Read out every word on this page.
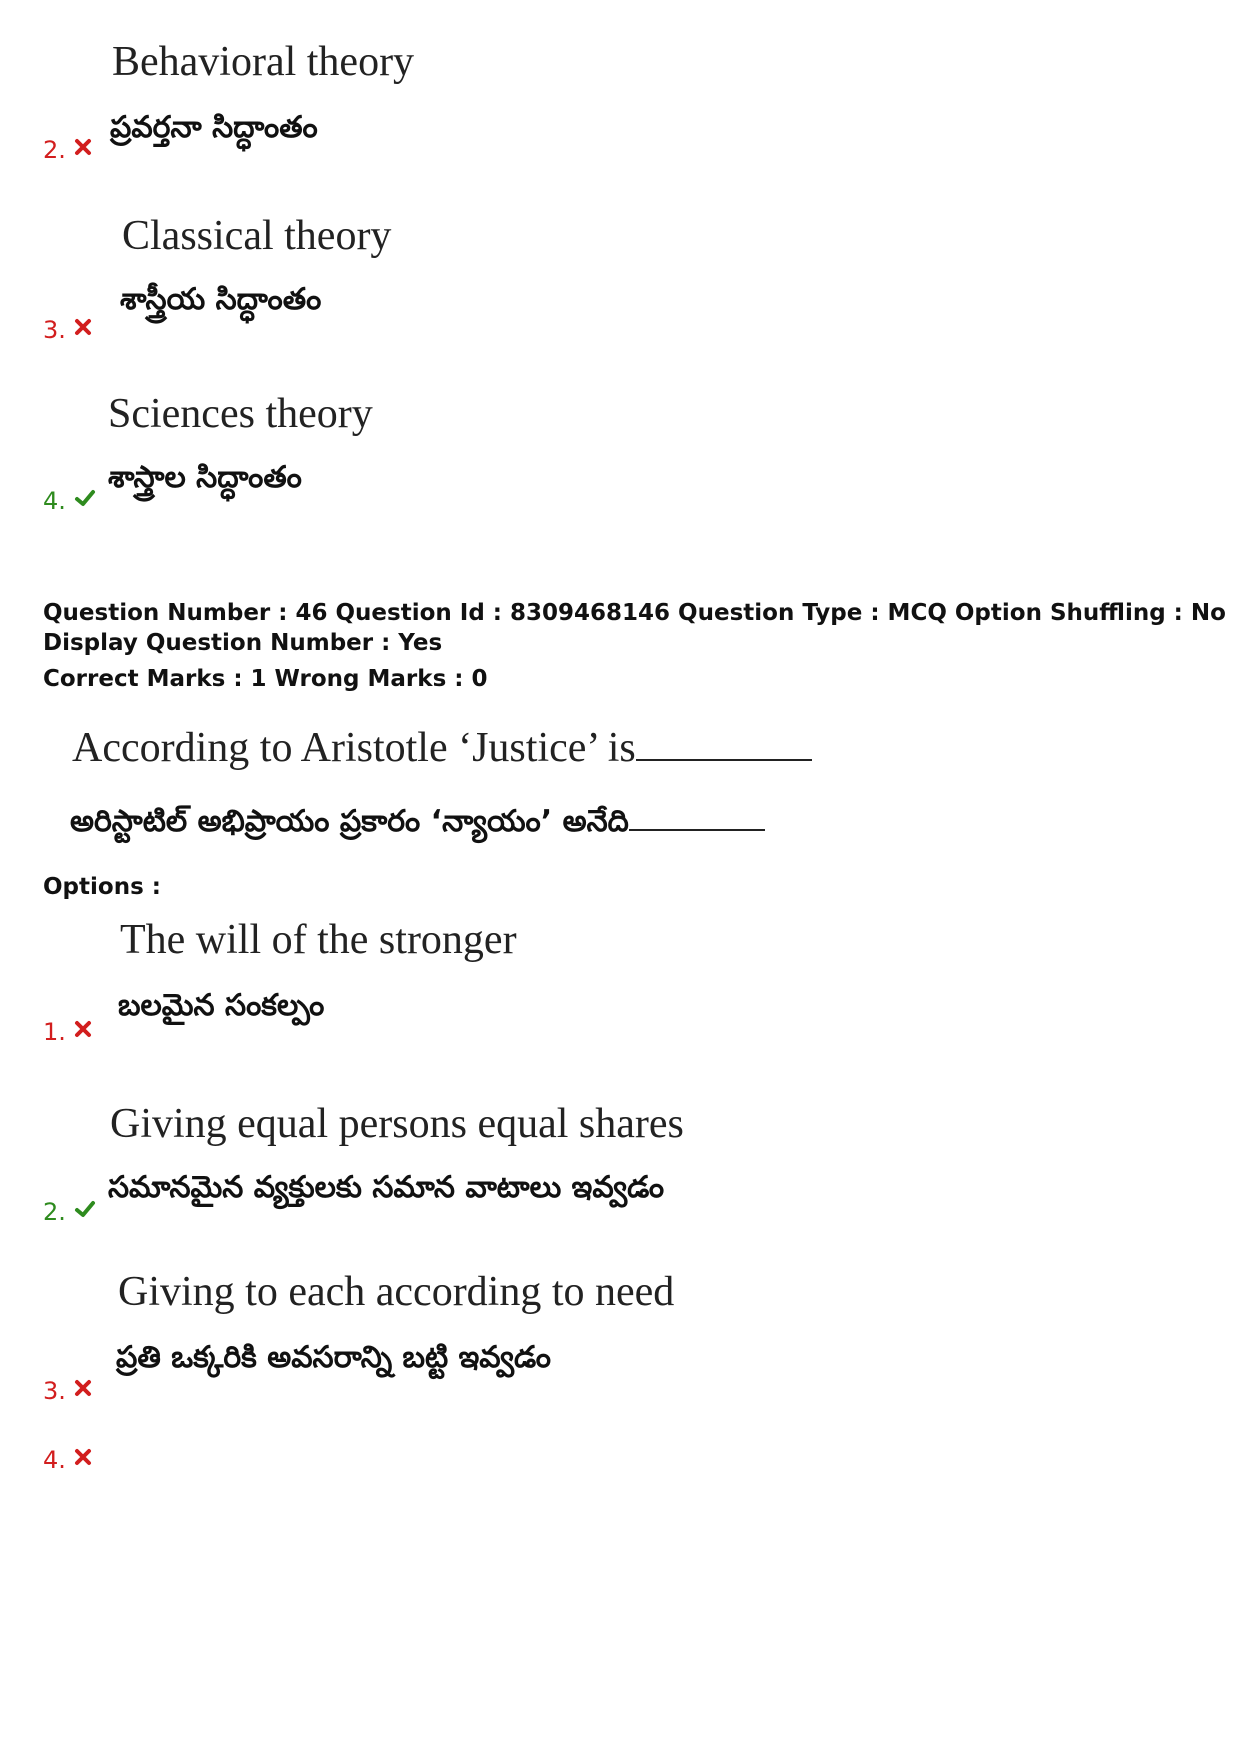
Behavioral theory
ప్రవర్తనా సిద్ధాంతం
2.
Classical theory
శాస్త్రీయ సిద్ధాంతం
3.
Sciences theory
శాస్త్రాల సిద్ధాంతం
4.
Question Number : 46 Question Id : 8309468146 Question Type : MCQ Option Shuffling : No
Display Question Number : Yes
Correct Marks : 1 Wrong Marks : 0
According to Aristotle ‘Justice’ is
అరిస్టాటిల్ అభిప్రాయం ప్రకారం ‘న్యాయం’ అనేది
Options :
The will of the stronger
బలమైన సంకల్పం
1.
Giving equal persons equal shares
సమానమైన వ్యక్తులకు సమాన వాటాలు ఇవ్వడం
2.
Giving to each according to need
ప్రతి ఒక్కరికి అవసరాన్ని బట్టి ఇవ్వడం
3.
4.
